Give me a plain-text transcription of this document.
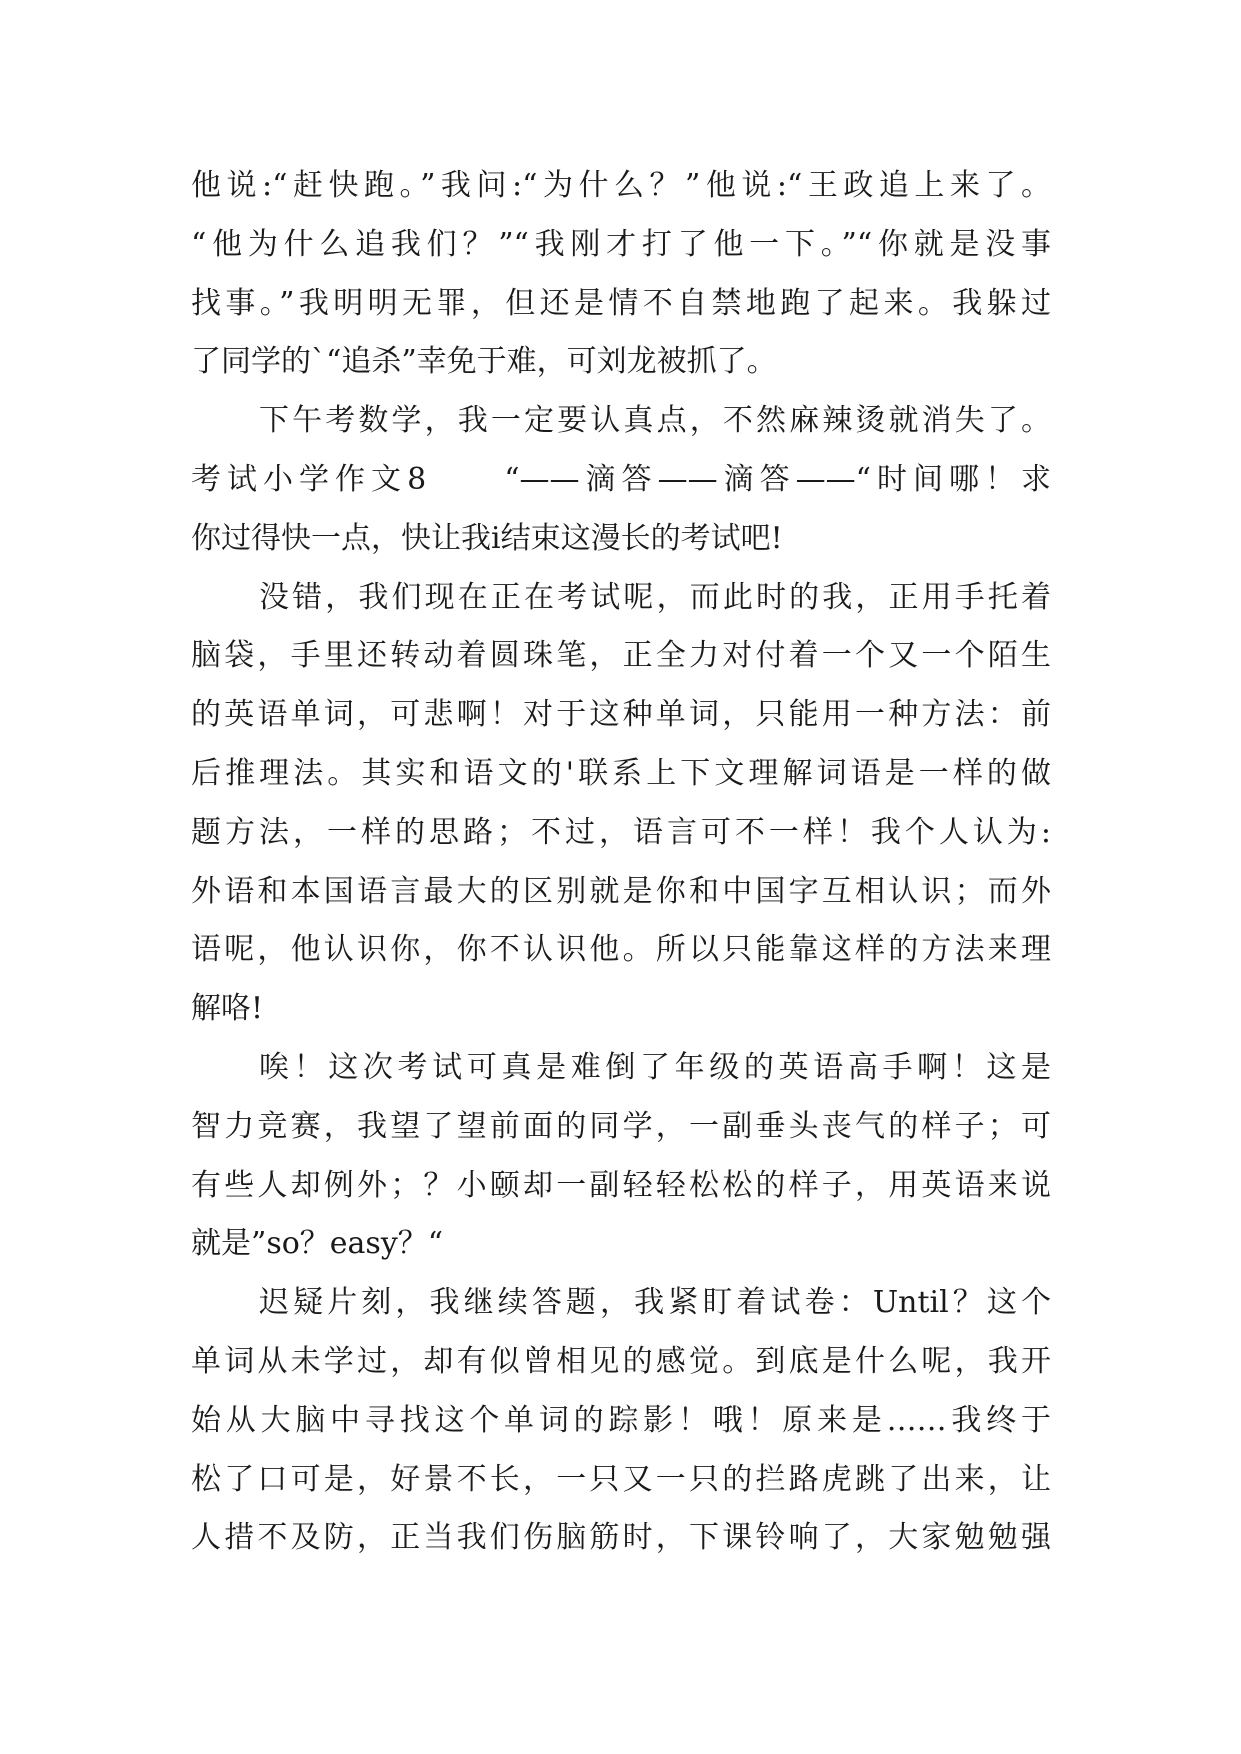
他说:“赶快跑。”我问:“为什么？”他说:“王政追上来了。
“他为什么追我们？”“我刚才打了他一下。”“你就是没事
找事。”我明明无罪，但还是情不自禁地跑了起来。我躲过
了同学的`“追杀”幸免于难，可刘龙被抓了。
下午考数学，我一定要认真点，不然麻辣烫就消失了。
考试小学作文8　　“——滴答——滴答——“时间哪！求
你过得快一点，快让我i结束这漫长的考试吧!
没错，我们现在正在考试呢，而此时的我，正用手托着
脑袋，手里还转动着圆珠笔，正全力对付着一个又一个陌生
的英语单词，可悲啊！对于这种单词，只能用一种方法：前
后推理法。其实和语文的'联系上下文理解词语是一样的做
题方法，一样的思路；不过，语言可不一样！我个人认为:
外语和本国语言最大的区别就是你和中国字互相认识；而外
语呢，他认识你，你不认识他。所以只能靠这样的方法来理
解咯!
唉！这次考试可真是难倒了年级的英语高手啊！这是
智力竞赛，我望了望前面的同学，一副垂头丧气的样子；可
有些人却例外；？小颐却一副轻轻松松的样子，用英语来说
就是”so？easy？“
迟疑片刻，我继续答题，我紧盯着试卷：Until？这个
单词从未学过，却有似曾相见的感觉。到底是什么呢，我开
始从大脑中寻找这个单词的踪影！哦！原来是……我终于
松了口可是，好景不长，一只又一只的拦路虎跳了出来，让
人措不及防，正当我们伤脑筋时，下课铃响了，大家勉勉强
